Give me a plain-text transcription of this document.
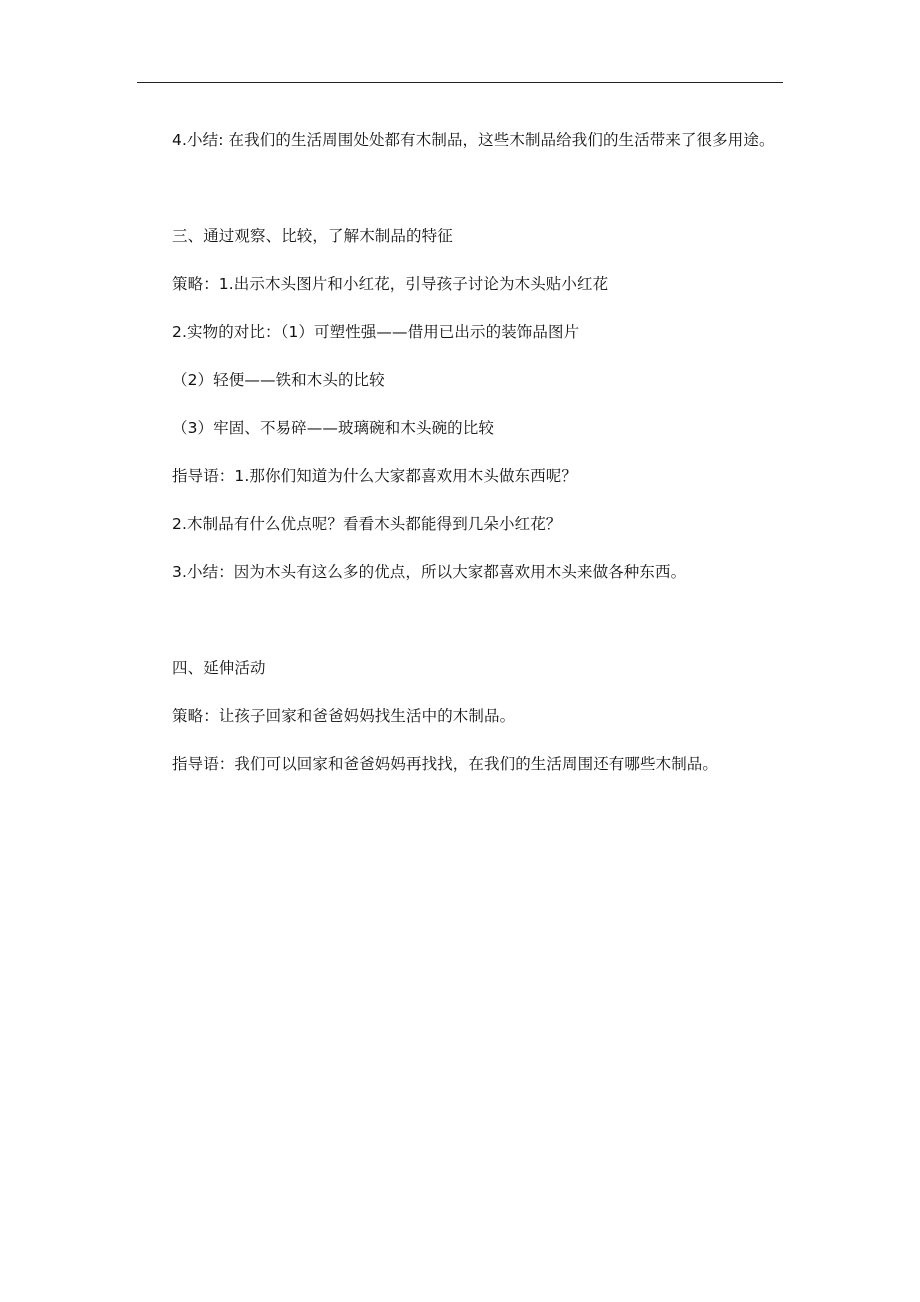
4.小结: 在我们的生活周围处处都有木制品，这些木制品给我们的生活带来了很多用途。
三、通过观察、比较，了解木制品的特征
策略：1.出示木头图片和小红花，引导孩子讨论为木头贴小红花
2.实物的对比：（1）可塑性强——借用已出示的装饰品图片
（2）轻便——铁和木头的比较
（3）牢固、不易碎——玻璃碗和木头碗的比较
指导语：1.那你们知道为什么大家都喜欢用木头做东西呢？
2.木制品有什么优点呢？看看木头都能得到几朵小红花？
3.小结：因为木头有这么多的优点，所以大家都喜欢用木头来做各种东西。
四、延伸活动
策略：让孩子回家和爸爸妈妈找生活中的木制品。
指导语：我们可以回家和爸爸妈妈再找找，在我们的生活周围还有哪些木制品。
